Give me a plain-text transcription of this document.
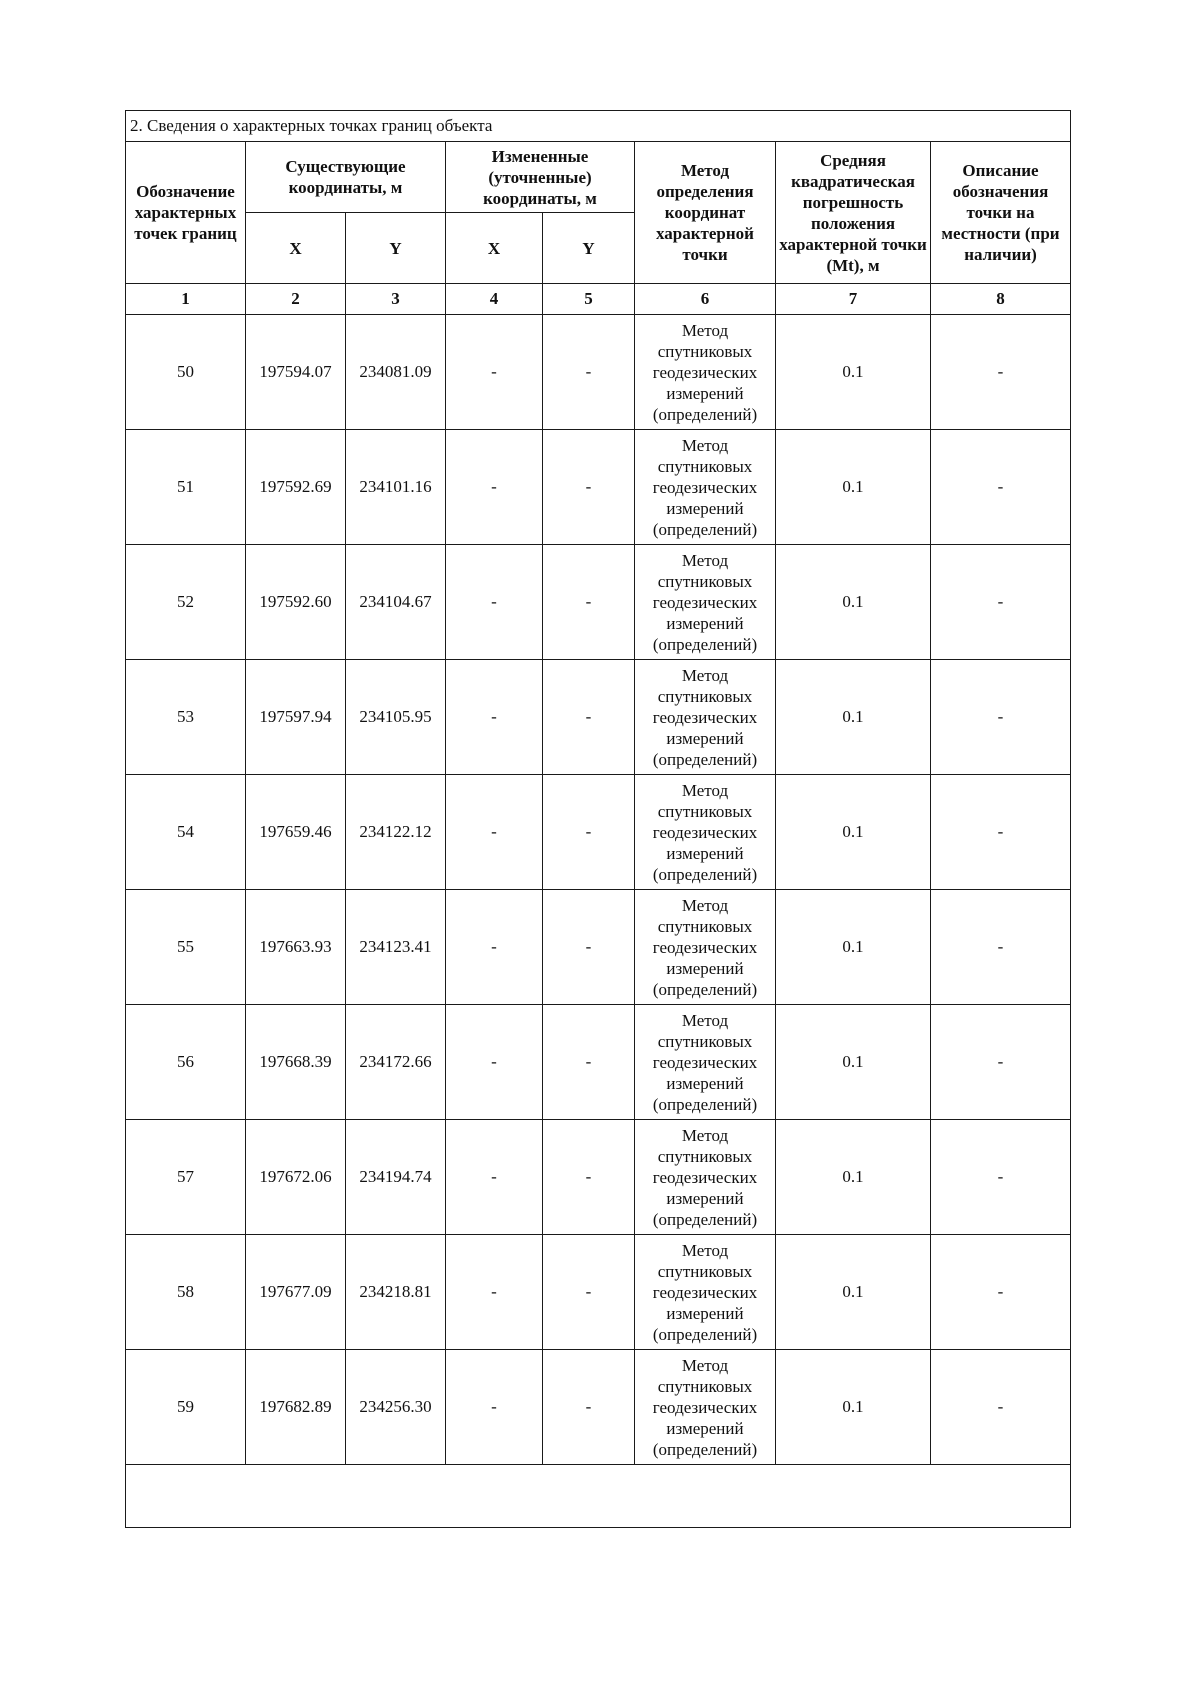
2. Сведения о характерных точках границ объекта							
Обозначение характерных точек границ	Существующие координаты, м		Измененные (уточненные) координаты, м		Метод определения координат характерной точки	Средняя квадратическая погрешность положения характерной точки (Mt), м	Описание обозначения точки на местности (при наличии)
	X	Y	X	Y			
1	2	3	4	5	6	7	8
50	197594.07	234081.09	-	-	Метод спутниковых геодезических измерений (определений)	0.1	-
51	197592.69	234101.16	-	-	Метод спутниковых геодезических измерений (определений)	0.1	-
52	197592.60	234104.67	-	-	Метод спутниковых геодезических измерений (определений)	0.1	-
53	197597.94	234105.95	-	-	Метод спутниковых геодезических измерений (определений)	0.1	-
54	197659.46	234122.12	-	-	Метод спутниковых геодезических измерений (определений)	0.1	-
55	197663.93	234123.41	-	-	Метод спутниковых геодезических измерений (определений)	0.1	-
56	197668.39	234172.66	-	-	Метод спутниковых геодезических измерений (определений)	0.1	-
57	197672.06	234194.74	-	-	Метод спутниковых геодезических измерений (определений)	0.1	-
58	197677.09	234218.81	-	-	Метод спутниковых геодезических измерений (определений)	0.1	-
59	197682.89	234256.30	-	-	Метод спутниковых геодезических измерений (определений)	0.1	-
